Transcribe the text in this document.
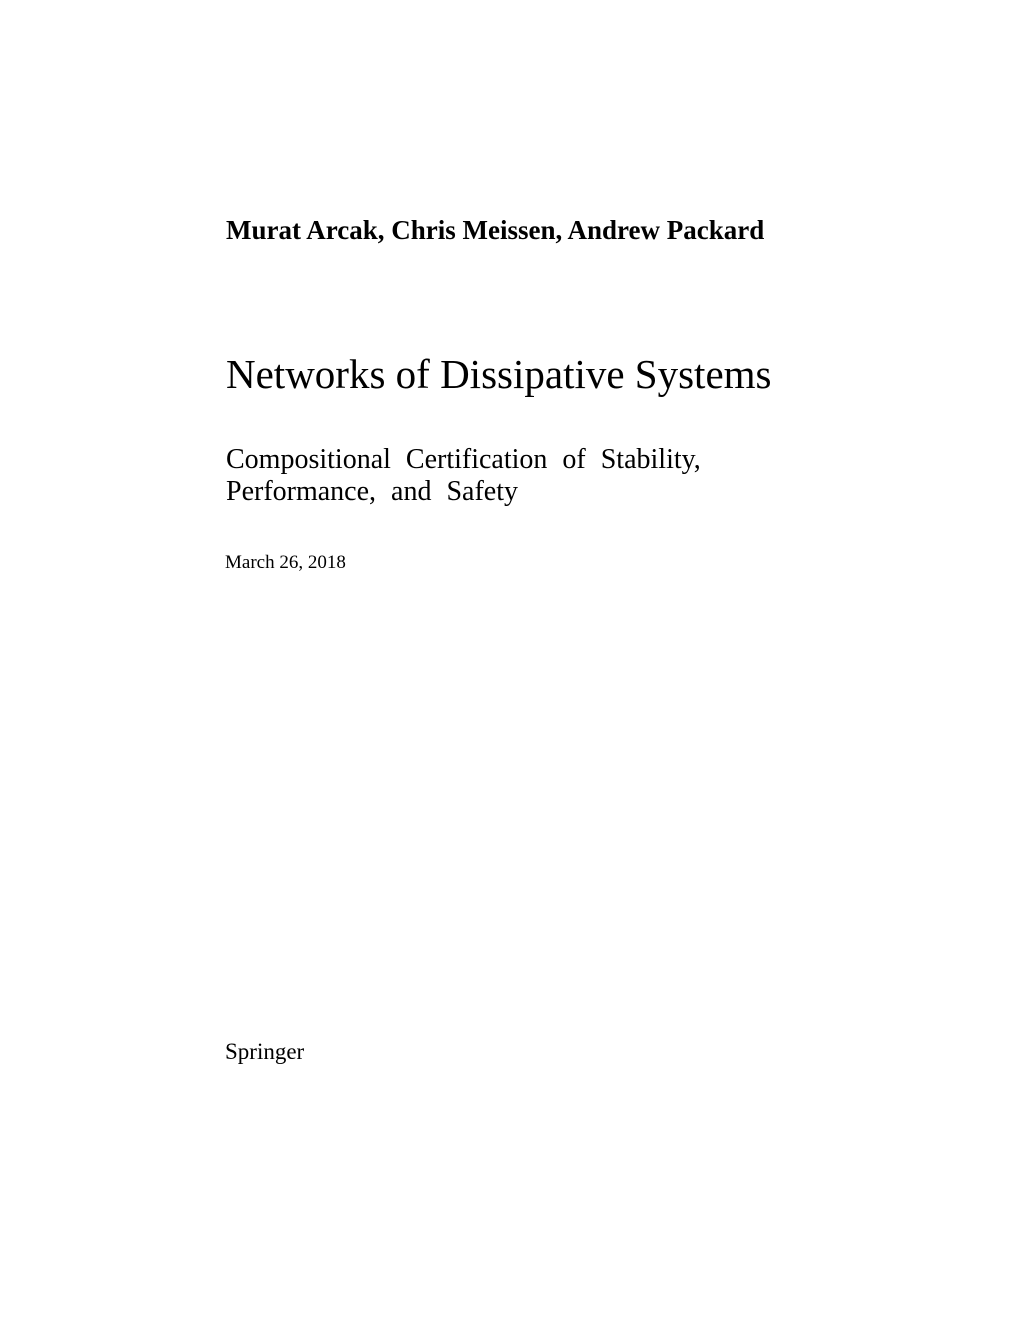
Murat Arcak, Chris Meissen, Andrew Packard
Networks of Dissipative Systems
Compositional Certification of Stability,
Performance, and Safety
March 26, 2018
Springer
